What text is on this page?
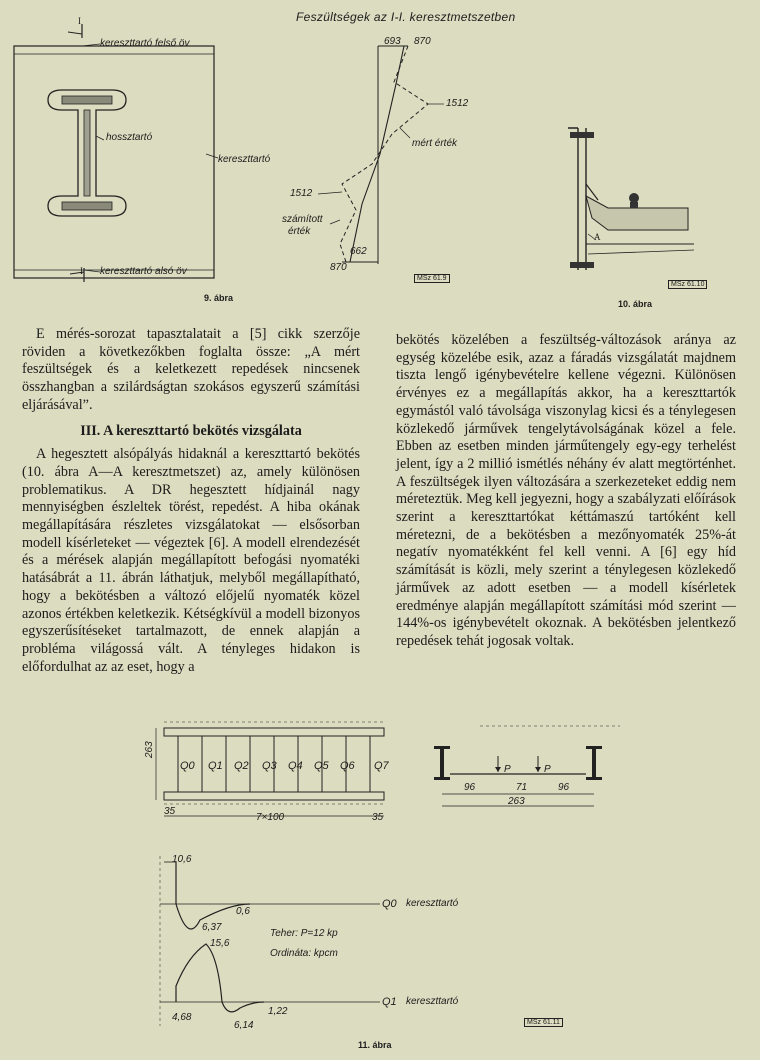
Feszültségek az I-I. keresztmetszetben
kereszttartó felső öv
hossztartó
kereszttartó
kereszttartó alsó öv
I
I
693 870
1512
mért érték
1512
számított
érték
662
870
MSz 61.9
9. ábra
A
MSz 61.10
10. ábra

E mérés-sorozat tapasztalatait a [5] cikk szerzője röviden a következőkben foglalta össze: „A mért feszültségek és a keletkezett repedések nincsenek összhangban a szilárdságtan szokásos egyszerű számítási eljárásával”.

III. A kereszttartó bekötés vizsgálata

A hegesztett alsópályás hidaknál a kereszttartó bekötés (10. ábra A—A keresztmetszet) az, amely különösen problematikus. A DR hegesztett hídjainál nagy mennyiségben észleltek törést, repedést. A hiba okának megállapítására részletes vizsgálatokat — elsősorban modell kísérleteket — végeztek [6]. A modell elrendezését és a mérések alapján megállapított befogási nyomatéki hatásábrát a 11. ábrán láthatjuk, melyből megállapítható, hogy a bekötésben a változó előjelű nyomaték közel azonos értékben keletkezik. Kétségkívül a modell bizonyos egyszerűsítéseket tartalmazott, de ennek alapján a probléma világossá vált. A tényleges hidakon is előfordulhat az az eset, hogy a

bekötés közelében a feszültség-változások aránya az egység közelébe esik, azaz a fáradás vizsgálatát majdnem tiszta lengő igénybevételre kellene végezni. Különösen érvényes ez a megállapítás akkor, ha a kereszttartók egymástól való távolsága viszonylag kicsi és a ténylegesen közlekedő járművek tengelytávolságának közel a fele. Ebben az esetben minden járműtengely egy-egy terhelést jelent, így a 2 millió ismétlés néhány év alatt megtörténhet. A feszültségek ilyen változására a szerkezeteket eddig nem méreteztük. Meg kell jegyezni, hogy a szabályzati előírások szerint a kereszttartókat kéttámaszú tartóként kell méretezni, de a bekötésben a mezőnyomaték 25%-át negatív nyomatékként fel kell venni. A [6] egy híd számítását is közli, mely szerint a ténylegesen közlekedő járművek az adott esetben — a modell kísérletek eredménye alapján megállapított számítási mód szerint — 144%-os igénybevételt okoznak. A bekötésben jelentkező repedések tehát jogosak voltak.

263
Q0 Q1 Q2 Q3 Q4 Q5 Q6 Q7
35
7×100	35
P	P
96	71	96
263
10,6
6,37
0,6
Q0 kereszttartó
Teher: P=12 kp
Ordináta: kpcm
15,6
4,68
6,14
1,22
Q1 kereszttartó
MSz 61.11
11. ábra
